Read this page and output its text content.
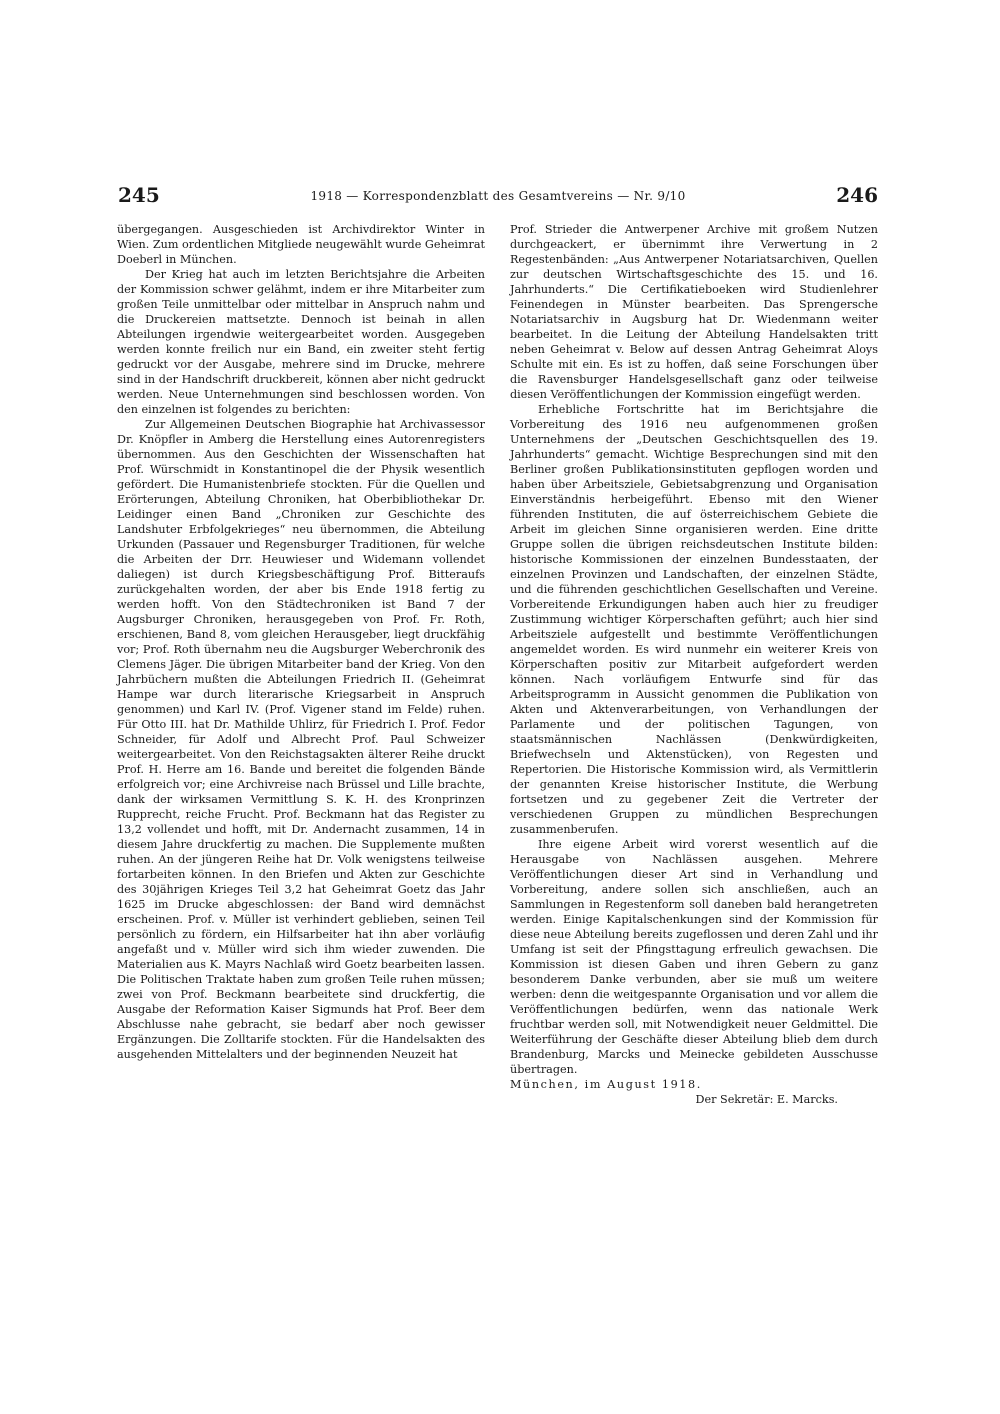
245	1918 — Korrespondenzblatt des Gesamtvereins — Nr. 9/10	246

übergegangen. Ausgeschieden ist Archivdirektor Winter in Wien. Zum ordentlichen Mitgliede neugewählt wurde Geheimrat Doeberl in München.

Der Krieg hat auch im letzten Berichtsjahre die Arbeiten der Kommission schwer gelähmt, indem er ihre Mitarbeiter zum großen Teile unmittelbar oder mittelbar in Anspruch nahm und die Druckereien mattsetzte. Dennoch ist beinah in allen Abteilungen irgendwie weitergearbeitet worden. Ausgegeben werden konnte freilich nur ein Band, ein zweiter steht fertig gedruckt vor der Ausgabe, mehrere sind im Drucke, mehrere sind in der Handschrift druckbereit, können aber nicht gedruckt werden. Neue Unternehmungen sind beschlossen worden. Von den einzelnen ist folgendes zu berichten:

Zur Allgemeinen Deutschen Biographie hat Archivassessor Dr. Knöpfler in Amberg die Herstellung eines Autorenregisters übernommen. Aus den Geschichten der Wissenschaften hat Prof. Würschmidt in Konstantinopel die der Physik wesentlich gefördert. Die Humanistenbriefe stockten. Für die Quellen und Erörterungen, Abteilung Chroniken, hat Oberbibliothekar Dr. Leidinger einen Band „Chroniken zur Geschichte des Landshuter Erbfolgekrieges“ neu übernommen, die Abteilung Urkunden (Passauer und Regensburger Traditionen, für welche die Arbeiten der Drr. Heuwieser und Widemann vollendet daliegen) ist durch Kriegsbeschäftigung Prof. Bitteraufs zurückgehalten worden, der aber bis Ende 1918 fertig zu werden hofft. Von den Städtechroniken ist Band 7 der Augsburger Chroniken, herausgegeben von Prof. Fr. Roth, erschienen, Band 8, vom gleichen Herausgeber, liegt druckfähig vor; Prof. Roth übernahm neu die Augsburger Weberchronik des Clemens Jäger. Die übrigen Mitarbeiter band der Krieg. Von den Jahrbüchern mußten die Abteilungen Friedrich II. (Geheimrat Hampe war durch literarische Kriegsarbeit in Anspruch genommen) und Karl IV. (Prof. Vigener stand im Felde) ruhen. Für Otto III. hat Dr. Mathilde Uhlirz, für Friedrich I. Prof. Fedor Schneider, für Adolf und Albrecht Prof. Paul Schweizer weitergearbeitet. Von den Reichstagsakten älterer Reihe druckt Prof. H. Herre am 16. Bande und bereitet die folgenden Bände erfolgreich vor; eine Archivreise nach Brüssel und Lille brachte, dank der wirksamen Vermittlung S. K. H. des Kronprinzen Rupprecht, reiche Frucht. Prof. Beckmann hat das Register zu 13,2 vollendet und hofft, mit Dr. Andernacht zusammen, 14 in diesem Jahre druckfertig zu machen. Die Supplemente mußten ruhen. An der jüngeren Reihe hat Dr. Volk wenigstens teilweise fortarbeiten können. In den Briefen und Akten zur Geschichte des 30jährigen Krieges Teil 3,2 hat Geheimrat Goetz das Jahr 1625 im Drucke abgeschlossen: der Band wird demnächst erscheinen. Prof. v. Müller ist verhindert geblieben, seinen Teil persönlich zu fördern, ein Hilfsarbeiter hat ihn aber vorläufig angefaßt und v. Müller wird sich ihm wieder zuwenden. Die Materialien aus K. Mayrs Nachlaß wird Goetz bearbeiten lassen. Die Politischen Traktate haben zum großen Teile ruhen müssen; zwei von Prof. Beckmann bearbeitete sind druckfertig, die Ausgabe der Reformation Kaiser Sigmunds hat Prof. Beer dem Abschlusse nahe gebracht, sie bedarf aber noch gewisser Ergänzungen. Die Zolltarife stockten. Für die Handelsakten des ausgehenden Mittelalters und der beginnenden Neuzeit hat

Prof. Strieder die Antwerpener Archive mit großem Nutzen durchgeackert, er übernimmt ihre Verwertung in 2 Regestenbänden: „Aus Antwerpener Notariatsarchiven, Quellen zur deutschen Wirtschaftsgeschichte des 15. und 16. Jahrhunderts.“ Die Certifikatieboeken wird Studienlehrer Feinendegen in Münster bearbeiten. Das Sprengersche Notariatsarchiv in Augsburg hat Dr. Wiedenmann weiter bearbeitet. In die Leitung der Abteilung Handelsakten tritt neben Geheimrat v. Below auf dessen Antrag Geheimrat Aloys Schulte mit ein. Es ist zu hoffen, daß seine Forschungen über die Ravensburger Handelsgesellschaft ganz oder teilweise diesen Veröffentlichungen der Kommission eingefügt werden.

Erhebliche Fortschritte hat im Berichtsjahre die Vorbereitung des 1916 neu aufgenommenen großen Unternehmens der „Deutschen Geschichtsquellen des 19. Jahrhunderts“ gemacht. Wichtige Besprechungen sind mit den Berliner großen Publikationsinstituten gepflogen worden und haben über Arbeitsziele, Gebietsabgrenzung und Organisation Einverständnis herbeigeführt. Ebenso mit den Wiener führenden Instituten, die auf österreichischem Gebiete die Arbeit im gleichen Sinne organisieren werden. Eine dritte Gruppe sollen die übrigen reichsdeutschen Institute bilden: historische Kommissionen der einzelnen Bundesstaaten, der einzelnen Provinzen und Landschaften, der einzelnen Städte, und die führenden geschichtlichen Gesellschaften und Vereine. Vorbereitende Erkundigungen haben auch hier zu freudiger Zustimmung wichtiger Körperschaften geführt; auch hier sind Arbeitsziele aufgestellt und bestimmte Veröffentlichungen angemeldet worden. Es wird nunmehr ein weiterer Kreis von Körperschaften positiv zur Mitarbeit aufgefordert werden können. Nach vorläufigem Entwurfe sind für das Arbeitsprogramm in Aussicht genommen die Publikation von Akten und Aktenverarbeitungen, von Verhandlungen der Parlamente und der politischen Tagungen, von staatsmännischen Nachlässen (Denkwürdigkeiten, Briefwechseln und Aktenstücken), von Regesten und Repertorien. Die Historische Kommission wird, als Vermittlerin der genannten Kreise historischer Institute, die Werbung fortsetzen und zu gegebener Zeit die Vertreter der verschiedenen Gruppen zu mündlichen Besprechungen zusammenberufen.

Ihre eigene Arbeit wird vorerst wesentlich auf die Herausgabe von Nachlässen ausgehen. Mehrere Veröffentlichungen dieser Art sind in Verhandlung und Vorbereitung, andere sollen sich anschließen, auch an Sammlungen in Regestenform soll daneben bald herangetreten werden. Einige Kapitalschenkungen sind der Kommission für diese neue Abteilung bereits zugeflossen und deren Zahl und ihr Umfang ist seit der Pfingsttagung erfreulich gewachsen. Die Kommission ist diesen Gaben und ihren Gebern zu ganz besonderem Danke verbunden, aber sie muß um weitere werben: denn die weitgespannte Organisation und vor allem die Veröffentlichungen bedürfen, wenn das nationale Werk fruchtbar werden soll, mit Notwendigkeit neuer Geldmittel. Die Weiterführung der Geschäfte dieser Abteilung blieb dem durch Brandenburg, Marcks und Meinecke gebildeten Ausschusse übertragen.

München, im August 1918.

Der Sekretär: E. Marcks.
